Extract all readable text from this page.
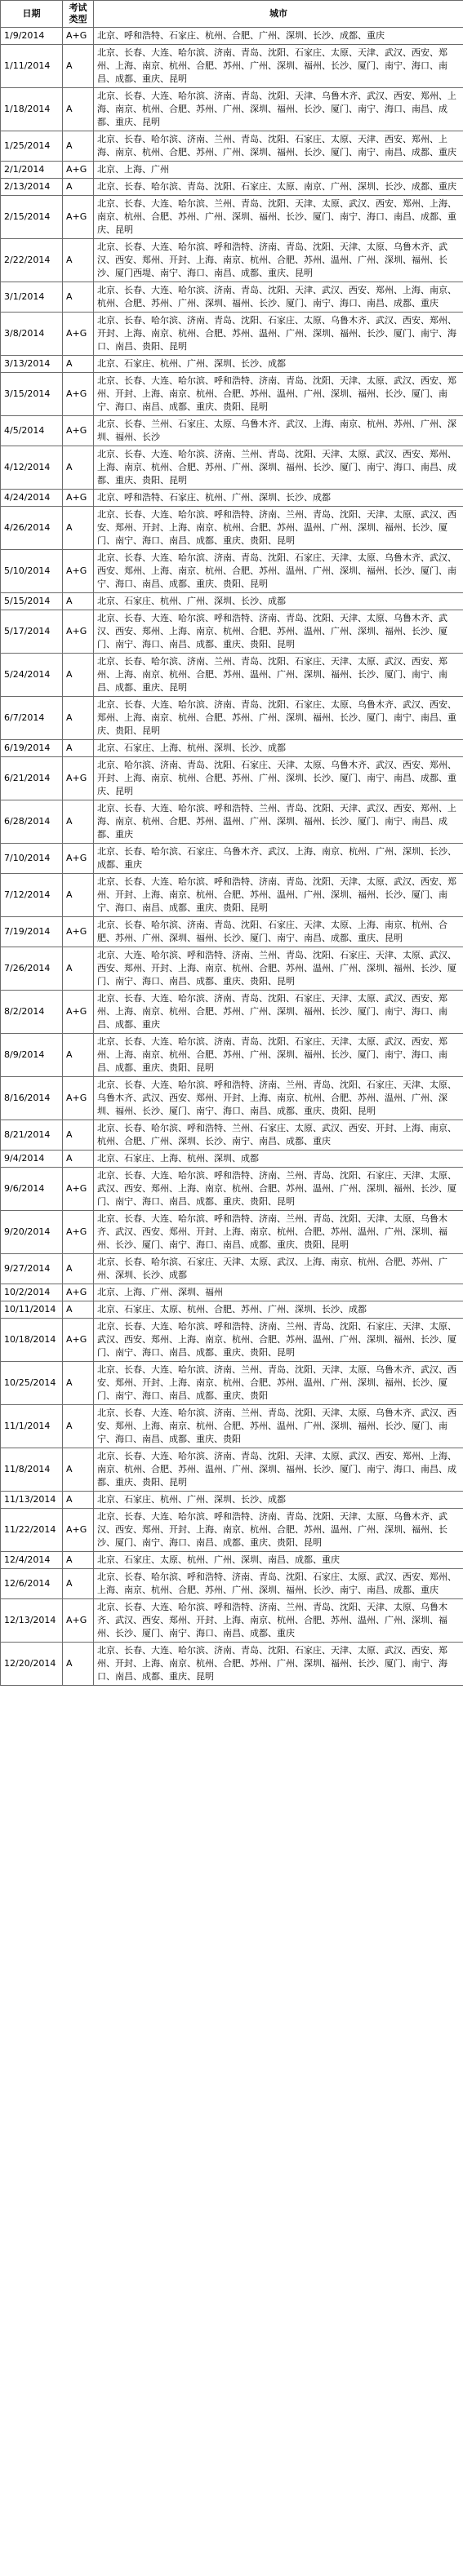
日期	考试类型	城市
1/9/2014	A+G	北京、呼和浩特、石家庄、杭州、合肥、广州、深圳、长沙、成都、重庆
1/11/2014	A	北京、长春、大连、哈尔滨、济南、青岛、沈阳、石家庄、太原、天津、武汉、西安、郑州、上海、南京、杭州、合肥、苏州、广州、深圳、福州、长沙、厦门、南宁、海口、南昌、成都、重庆、昆明
1/18/2014	A	北京、长春、大连、哈尔滨、济南、青岛、沈阳、天津、乌鲁木齐、武汉、西安、郑州、上海、南京、杭州、合肥、苏州、广州、深圳、福州、长沙、厦门、南宁、海口、南昌、成都、重庆、昆明
1/25/2014	A	北京、长春、哈尔滨、济南、兰州、青岛、沈阳、石家庄、太原、天津、西安、郑州、上海、南京、杭州、合肥、苏州、广州、深圳、福州、长沙、厦门、南宁、南昌、成都、重庆
2/1/2014	A+G	北京、上海、广州
2/13/2014	A	北京、长春、哈尔滨、青岛、沈阳、石家庄、太原、南京、广州、深圳、长沙、成都、重庆
2/15/2014	A+G	北京、长春、大连、哈尔滨、兰州、青岛、沈阳、天津、太原、武汉、西安、郑州、上海、南京、杭州、合肥、苏州、广州、深圳、福州、长沙、厦门、南宁、海口、南昌、成都、重庆、昆明
2/22/2014	A	北京、长春、大连、哈尔滨、呼和浩特、济南、青岛、沈阳、天津、太原、乌鲁木齐、武汉、西安、郑州、开封、上海、南京、杭州、合肥、苏州、温州、广州、深圳、福州、长沙、厦门西堤、南宁、海口、南昌、成都、重庆、昆明
3/1/2014	A	北京、长春、大连、哈尔滨、济南、青岛、沈阳、天津、武汉、西安、郑州、上海、南京、杭州、合肥、苏州、广州、深圳、福州、长沙、厦门、南宁、海口、南昌、成都、重庆
3/8/2014	A+G	北京、长春、哈尔滨、济南、青岛、沈阳、石家庄、太原、乌鲁木齐、武汉、西安、郑州、开封、上海、南京、杭州、合肥、苏州、温州、广州、深圳、福州、长沙、厦门、南宁、海口、南昌、贵阳、昆明
3/13/2014	A	北京、石家庄、杭州、广州、深圳、长沙、成都
3/15/2014	A+G	北京、长春、大连、哈尔滨、呼和浩特、济南、青岛、沈阳、天津、太原、武汉、西安、郑州、开封、上海、南京、杭州、合肥、苏州、温州、广州、深圳、福州、长沙、厦门、南宁、海口、南昌、成都、重庆、贵阳、昆明
4/5/2014	A+G	北京、长春、兰州、石家庄、太原、乌鲁木齐、武汉、上海、南京、杭州、苏州、广州、深圳、福州、长沙
4/12/2014	A	北京、长春、大连、哈尔滨、济南、兰州、青岛、沈阳、天津、太原、武汉、西安、郑州、上海、南京、杭州、合肥、苏州、广州、深圳、福州、长沙、厦门、南宁、海口、南昌、成都、重庆、贵阳、昆明
4/24/2014	A+G	北京、呼和浩特、石家庄、杭州、广州、深圳、长沙、成都
4/26/2014	A	北京、长春、大连、哈尔滨、呼和浩特、济南、兰州、青岛、沈阳、天津、太原、武汉、西安、郑州、开封、上海、南京、杭州、合肥、苏州、温州、广州、深圳、福州、长沙、厦门、南宁、海口、南昌、成都、重庆、贵阳、昆明
5/10/2014	A+G	北京、长春、大连、哈尔滨、济南、青岛、沈阳、石家庄、天津、太原、乌鲁木齐、武汉、西安、郑州、上海、南京、杭州、合肥、苏州、温州、广州、深圳、福州、长沙、厦门、南宁、海口、南昌、成都、重庆、贵阳、昆明
5/15/2014	A	北京、石家庄、杭州、广州、深圳、长沙、成都
5/17/2014	A+G	北京、长春、大连、哈尔滨、呼和浩特、济南、青岛、沈阳、天津、太原、乌鲁木齐、武汉、西安、郑州、上海、南京、杭州、合肥、苏州、温州、广州、深圳、福州、长沙、厦门、南宁、海口、南昌、成都、重庆、贵阳、昆明
5/24/2014	A	北京、长春、哈尔滨、济南、兰州、青岛、沈阳、石家庄、天津、太原、武汉、西安、郑州、上海、南京、杭州、合肥、苏州、温州、广州、深圳、福州、长沙、厦门、南宁、南昌、成都、重庆、昆明
6/7/2014	A	北京、长春、大连、哈尔滨、济南、青岛、沈阳、石家庄、太原、乌鲁木齐、武汉、西安、郑州、上海、南京、杭州、合肥、苏州、广州、深圳、福州、长沙、厦门、南宁、南昌、重庆、贵阳、昆明
6/19/2014	A	北京、石家庄、上海、杭州、深圳、长沙、成都
6/21/2014	A+G	北京、哈尔滨、济南、青岛、沈阳、石家庄、天津、太原、乌鲁木齐、武汉、西安、郑州、开封、上海、南京、杭州、合肥、苏州、广州、深圳、长沙、厦门、南宁、南昌、成都、重庆、昆明
6/28/2014	A	北京、长春、大连、哈尔滨、呼和浩特、兰州、青岛、沈阳、天津、武汉、西安、郑州、上海、南京、杭州、合肥、苏州、温州、广州、深圳、福州、长沙、厦门、南宁、南昌、成都、重庆
7/10/2014	A+G	北京、长春、哈尔滨、石家庄、乌鲁木齐、武汉、上海、南京、杭州、广州、深圳、长沙、成都、重庆
7/12/2014	A	北京、长春、大连、哈尔滨、呼和浩特、济南、青岛、沈阳、天津、太原、武汉、西安、郑州、开封、上海、南京、杭州、合肥、苏州、温州、广州、深圳、福州、长沙、厦门、南宁、海口、南昌、成都、重庆、贵阳、昆明
7/19/2014	A+G	北京、长春、哈尔滨、济南、青岛、沈阳、石家庄、天津、太原、上海、南京、杭州、合肥、苏州、广州、深圳、福州、长沙、厦门、南宁、南昌、成都、重庆、昆明
7/26/2014	A	北京、大连、哈尔滨、呼和浩特、济南、兰州、青岛、沈阳、石家庄、天津、太原、武汉、西安、郑州、开封、上海、南京、杭州、合肥、苏州、温州、广州、深圳、福州、长沙、厦门、南宁、海口、南昌、成都、重庆、贵阳、昆明
8/2/2014	A+G	北京、长春、大连、哈尔滨、济南、青岛、沈阳、石家庄、天津、太原、武汉、西安、郑州、上海、南京、杭州、合肥、苏州、广州、深圳、福州、长沙、厦门、南宁、海口、南昌、成都、重庆
8/9/2014	A	北京、长春、大连、哈尔滨、济南、青岛、沈阳、石家庄、天津、太原、武汉、西安、郑州、上海、南京、杭州、合肥、苏州、广州、深圳、福州、长沙、厦门、南宁、海口、南昌、成都、重庆、贵阳、昆明
8/16/2014	A+G	北京、长春、大连、哈尔滨、呼和浩特、济南、兰州、青岛、沈阳、石家庄、天津、太原、乌鲁木齐、武汉、西安、郑州、开封、上海、南京、杭州、合肥、苏州、温州、广州、深圳、福州、长沙、厦门、南宁、海口、南昌、成都、重庆、贵阳、昆明
8/21/2014	A	北京、长春、哈尔滨、呼和浩特、兰州、石家庄、太原、武汉、西安、开封、上海、南京、杭州、合肥、广州、深圳、长沙、南宁、南昌、成都、重庆
9/4/2014	A	北京、石家庄、上海、杭州、深圳、成都
9/6/2014	A+G	北京、长春、大连、哈尔滨、呼和浩特、济南、兰州、青岛、沈阳、石家庄、天津、太原、武汉、西安、郑州、上海、南京、杭州、合肥、苏州、温州、广州、深圳、福州、长沙、厦门、南宁、海口、南昌、成都、重庆、贵阳、昆明
9/20/2014	A+G	北京、长春、大连、哈尔滨、呼和浩特、济南、兰州、青岛、沈阳、天津、太原、乌鲁木齐、武汉、西安、郑州、开封、上海、南京、杭州、合肥、苏州、温州、广州、深圳、福州、长沙、厦门、南宁、海口、南昌、成都、重庆、贵阳、昆明
9/27/2014	A	北京、长春、哈尔滨、石家庄、天津、太原、武汉、上海、南京、杭州、合肥、苏州、广州、深圳、长沙、成都
10/2/2014	A+G	北京、上海、广州、深圳、福州
10/11/2014	A	北京、石家庄、太原、杭州、合肥、苏州、广州、深圳、长沙、成都
10/18/2014	A+G	北京、长春、大连、哈尔滨、呼和浩特、济南、兰州、青岛、沈阳、石家庄、天津、太原、武汉、西安、郑州、上海、南京、杭州、合肥、苏州、温州、广州、深圳、福州、长沙、厦门、南宁、海口、南昌、成都、重庆、贵阳、昆明
10/25/2014	A	北京、长春、大连、哈尔滨、济南、兰州、青岛、沈阳、天津、太原、乌鲁木齐、武汉、西安、郑州、开封、上海、南京、杭州、合肥、苏州、温州、广州、深圳、福州、长沙、厦门、南宁、海口、南昌、成都、重庆、贵阳
11/1/2014	A	北京、长春、大连、哈尔滨、济南、兰州、青岛、沈阳、天津、太原、乌鲁木齐、武汉、西安、郑州、上海、南京、杭州、合肥、苏州、温州、广州、深圳、福州、长沙、厦门、南宁、海口、南昌、成都、重庆、贵阳
11/8/2014	A	北京、长春、大连、哈尔滨、济南、青岛、沈阳、天津、太原、武汉、西安、郑州、上海、南京、杭州、合肥、苏州、温州、广州、深圳、福州、长沙、厦门、南宁、海口、南昌、成都、重庆、贵阳、昆明
11/13/2014	A	北京、石家庄、杭州、广州、深圳、长沙、成都
11/22/2014	A+G	北京、长春、大连、哈尔滨、呼和浩特、济南、青岛、沈阳、天津、太原、乌鲁木齐、武汉、西安、郑州、开封、上海、南京、杭州、合肥、苏州、温州、广州、深圳、福州、长沙、厦门、南宁、海口、南昌、成都、重庆、贵阳、昆明
12/4/2014	A	北京、石家庄、太原、杭州、广州、深圳、南昌、成都、重庆
12/6/2014	A	北京、长春、哈尔滨、呼和浩特、济南、青岛、沈阳、石家庄、太原、武汉、西安、郑州、上海、南京、杭州、合肥、苏州、广州、深圳、福州、长沙、南宁、南昌、成都、重庆
12/13/2014	A+G	北京、长春、大连、哈尔滨、呼和浩特、济南、兰州、青岛、沈阳、天津、太原、乌鲁木齐、武汉、西安、郑州、开封、上海、南京、杭州、合肥、苏州、温州、广州、深圳、福州、长沙、厦门、南宁、海口、南昌、成都、重庆
12/20/2014	A	北京、长春、大连、哈尔滨、济南、青岛、沈阳、石家庄、天津、太原、武汉、西安、郑州、开封、上海、南京、杭州、合肥、苏州、广州、深圳、福州、长沙、厦门、南宁、海口、南昌、成都、重庆、昆明
